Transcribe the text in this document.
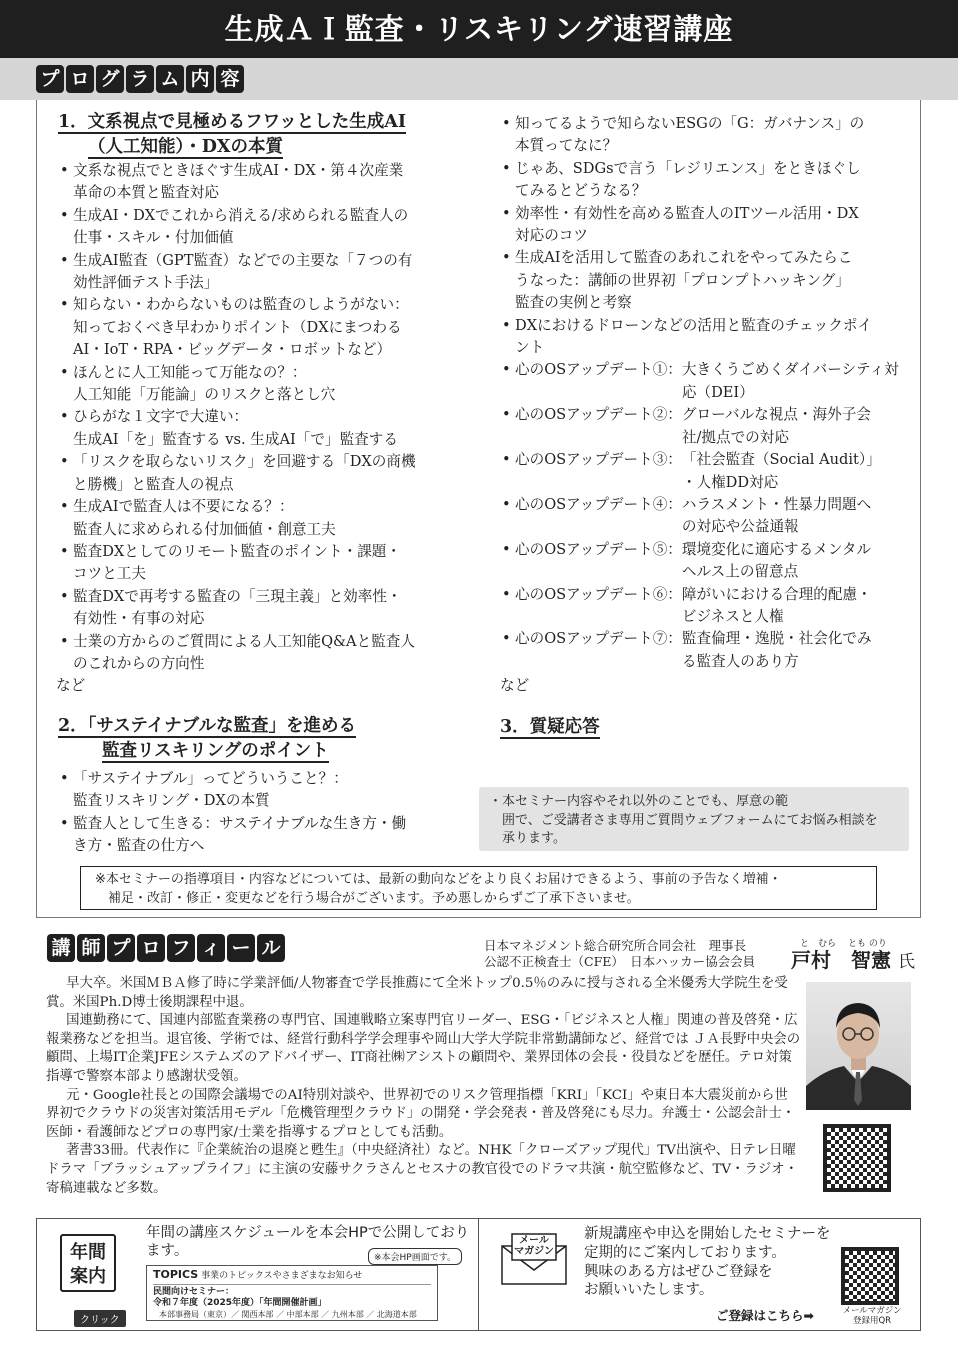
生成ＡＩ監査・リスキリング速習講座
プ ロ グ ラ ム 内 容
1．文系視点で見極めるフワッとした生成AI
（人工知能）・DXの本質
• 文系な視点でときほぐす生成AI・DX・第４次産業
革命の本質と監査対応
• 生成AI・DXでこれから消える/求められる監査人の
仕事・スキル・付加価値
• 生成AI監査（GPT監査）などでの主要な「７つの有
効性評価テスト手法」
• 知らない・わからないものは監査のしようがない：
知っておくべき早わかりポイント（DXにまつわる
AI・IoT・RPA・ビッグデータ・ロボットなど）
• ほんとに人工知能って万能なの？：
人工知能「万能論」のリスクと落とし穴
• ひらがな１文字で大違い：
生成AI「を」監査する vs. 生成AI「で」監査する
• 「リスクを取らないリスク」を回避する「DXの商機
と勝機」と監査人の視点
• 生成AIで監査人は不要になる？：
監査人に求められる付加価値・創意工夫
• 監査DXとしてのリモート監査のポイント・課題・
コツと工夫
• 監査DXで再考する監査の「三現主義」と効率性・
有効性・有事の対応
• 士業の方からのご質問による人工知能Q&Aと監査人
のこれからの方向性
など
2．「サステイナブルな監査」を進める
監査リスキリングのポイント
• 「サステイナブル」ってどういうこと？：
監査リスキリング・DXの本質
• 監査人として生きる：サステイナブルな生き方・働
き方・監査の仕方へ
• 知ってるようで知らないESGの「G：ガバナンス」の
本質ってなに？
• じゃあ、SDGsで言う「レジリエンス」をときほぐし
てみるとどうなる？
• 効率性・有効性を高める監査人のITツール活用・DX
対応のコツ
• 生成AIを活用して監査のあれこれをやってみたらこ
うなった：講師の世界初「プロンプトハッキング」
監査の実例と考察
• DXにおけるドローンなどの活用と監査のチェックポイ
ント
• 心のOSアップデート①： 大きくうごめくダイバーシティ対
応（DEI）
• 心のOSアップデート②： グローバルな視点・海外子会
社/拠点での対応
• 心のOSアップデート③： 「社会監査（Social Audit）」
・人権DD対応
• 心のOSアップデート④： ハラスメント・性暴力問題へ
の対応や公益通報
• 心のOSアップデート⑤： 環境変化に適応するメンタル
ヘルス上の留意点
• 心のOSアップデート⑥： 障がいにおける合理的配慮・
ビジネスと人権
• 心のOSアップデート⑦： 監査倫理・逸脱・社会化でみ
る監査人のあり方
など
3．質疑応答
・本セミナー内容やそれ以外のことでも、厚意の範
　囲で、ご受講者さま専用ご質問ウェブフォームにてお悩み相談を
　承ります。
※本セミナーの指導項目・内容などについては、最新の動向などをより良くお届けできるよう、事前の予告なく増補・
　補足・改訂・修正・変更などを行う場合がございます。予め悪しからずご了承下さいませ。
講 師 プ ロ フ ィ ー ル	日本マネジメント総合研究所合同会社　理事長
公認不正検査士（CFE）　日本ハッカー協会会員
と　むら とも のり
戸村　智憲 氏

早大卒。米国ＭＢＡ修了時に学業評価/人物審査で学長推薦にて全米トップ0.5％のみに授与される全米優秀大学院生を受賞。米国Ph.D博士後期課程中退。

国連勤務にて、国連内部監査業務の専門官、国連戦略立案専門官リーダー、ESG・「ビジネスと人権」関連の普及啓発・広報業務などを担当。退官後、学術では、経営行動科学学会理事や岡山大学大学院非常勤講師など、経営では ＪＡ長野中央会の顧問、上場IT企業JFEシステムズのアドバイザー、IT商社㈱アシストの顧問や、業界団体の会長・役員などを歴任。テロ対策指導で警察本部より感謝状受領。

元・Google社長との国際会議場でのAI特別対談や、世界初でのリスク管理指標「KRI」「KCI」や東日本大震災前から世界初でクラウドの災害対策活用モデル「危機管理型クラウド」の開発・学会発表・普及啓発にも尽力。弁護士・公認会計士・医師・看護師などプロの専門家/士業を指導するプロとしても活動。

著書33冊。代表作に『企業統治の退廃と甦生』（中央経済社）など。NHK「クローズアップ現代」TV出演や、日テレ日曜ドラマ「ブラッシュアップライフ」に主演の安藤サクラさんとセスナの教官役でのドラマ共演・航空監修など、TV・ラジオ・寄稿連載など多数。

年間
案内
年間の講座スケジュールを本会HPで公開しております。
TOPICS 事業のトピックスやさまざまなお知らせ
民間向けセミナー：
令和７年度（2025年度）「年間開催計画」
本部事務局（東京）／ 関西本部 ／ 中部本部 ／ 九州本部 ／ 北海道本部
※本会HP画面です。
クリック
メール
マガジン
新規講座や申込を開始したセミナーを
定期的にご案内しております。
興味のある方はぜひご登録を
お願いいたします。
ご登録はこちら➡	メールマガジン
登録用QR
